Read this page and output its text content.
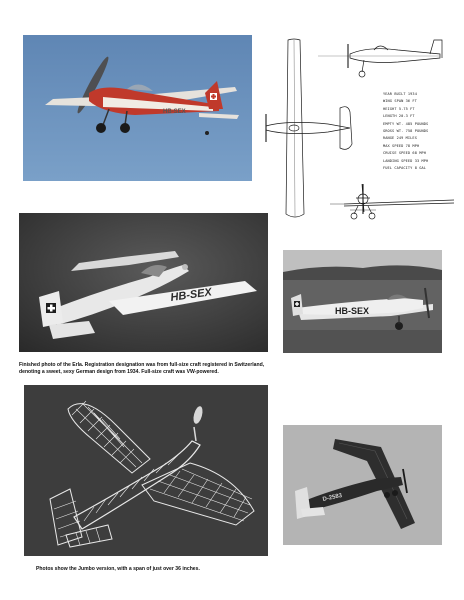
HB-SEX
YEAR BUILT 1934
WING SPAN 36 FT
HEIGHT 5.75 FT
LENGTH 20.3 FT
EMPTY WT. 485 POUNDS
GROSS WT. 758 POUNDS
RANGE 249 MILES
MAX SPEED 78 MPH
CRUISE SPEED 68 MPH
LANDING SPEED 33 MPH
FUEL CAPACITY 8 GAL
HB-SEX
HB-SEX

Finished photo of the Erla. Registration designation was from full-size craft registered in Switzerland, denoting a sweet, sexy German design from 1934. Full-size craft was VW-powered.

D-2583

Photos show the Jumbo version, with a span of just over 36 inches.
